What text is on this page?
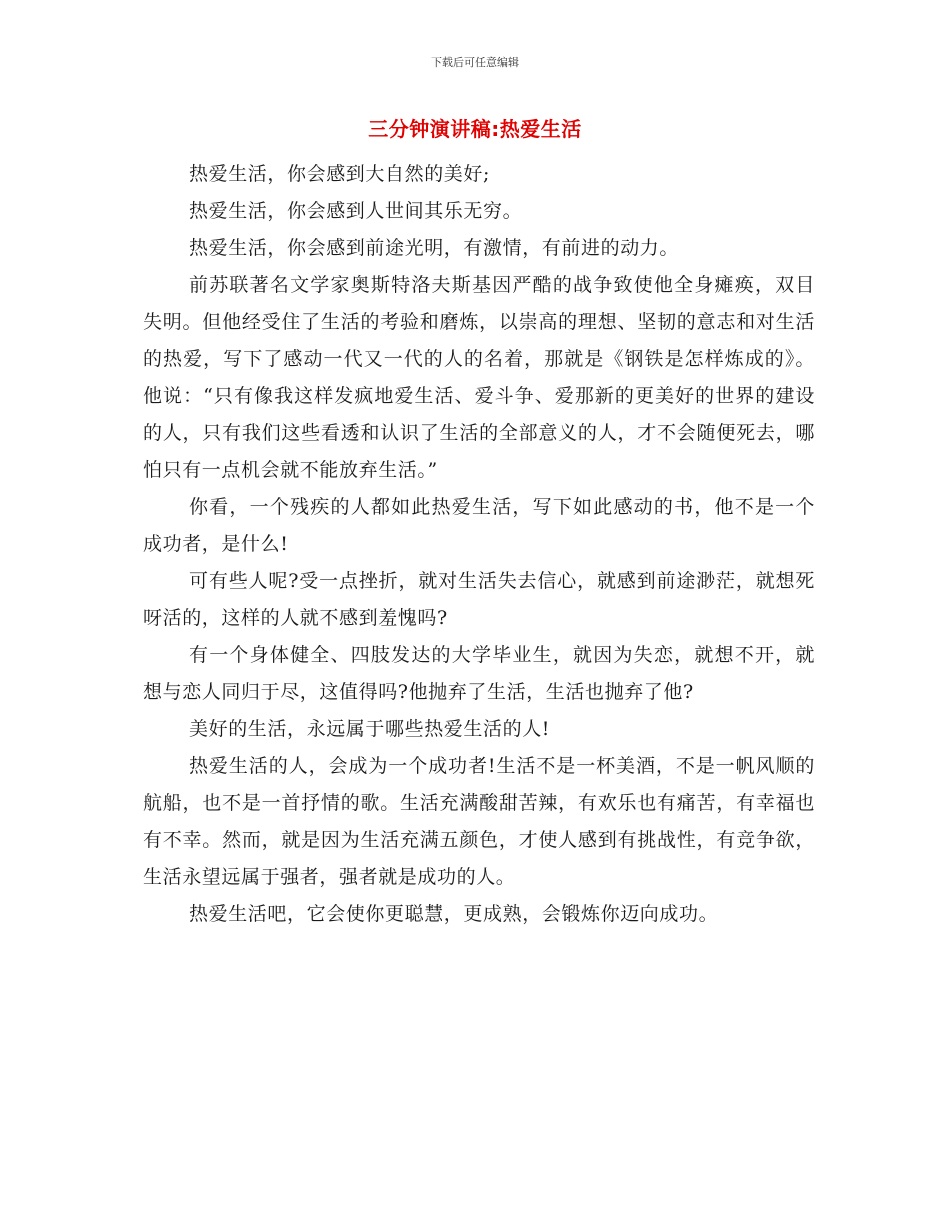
下载后可任意编辑
三分钟演讲稿:热爱生活

热爱生活，你会感到大自然的美好;

热爱生活，你会感到人世间其乐无穷。

热爱生活，你会感到前途光明，有激情，有前进的动力。

前苏联著名文学家奥斯特洛夫斯基因严酷的战争致使他全身瘫痪，双目失明。但他经受住了生活的考验和磨炼，以崇高的理想、坚韧的意志和对生活的热爱，写下了感动一代又一代的人的名着，那就是《钢铁是怎样炼成的》。他说：“只有像我这样发疯地爱生活、爱斗争、爱那新的更美好的世界的建设的人，只有我们这些看透和认识了生活的全部意义的人，才不会随便死去，哪怕只有一点机会就不能放弃生活。”

你看，一个残疾的人都如此热爱生活，写下如此感动的书，他不是一个成功者，是什么!

可有些人呢?受一点挫折，就对生活失去信心，就感到前途渺茫，就想死呀活的，这样的人就不感到羞愧吗?

有一个身体健全、四肢发达的大学毕业生，就因为失恋，就想不开，就想与恋人同归于尽，这值得吗?他抛弃了生活，生活也抛弃了他?

美好的生活，永远属于哪些热爱生活的人!

热爱生活的人，会成为一个成功者!生活不是一杯美酒，不是一帆风顺的航船，也不是一首抒情的歌。生活充满酸甜苦辣，有欢乐也有痛苦，有幸福也有不幸。然而，就是因为生活充满五颜色，才使人感到有挑战性，有竞争欲，生活永望远属于强者，强者就是成功的人。

热爱生活吧，它会使你更聪慧，更成熟，会锻炼你迈向成功。
